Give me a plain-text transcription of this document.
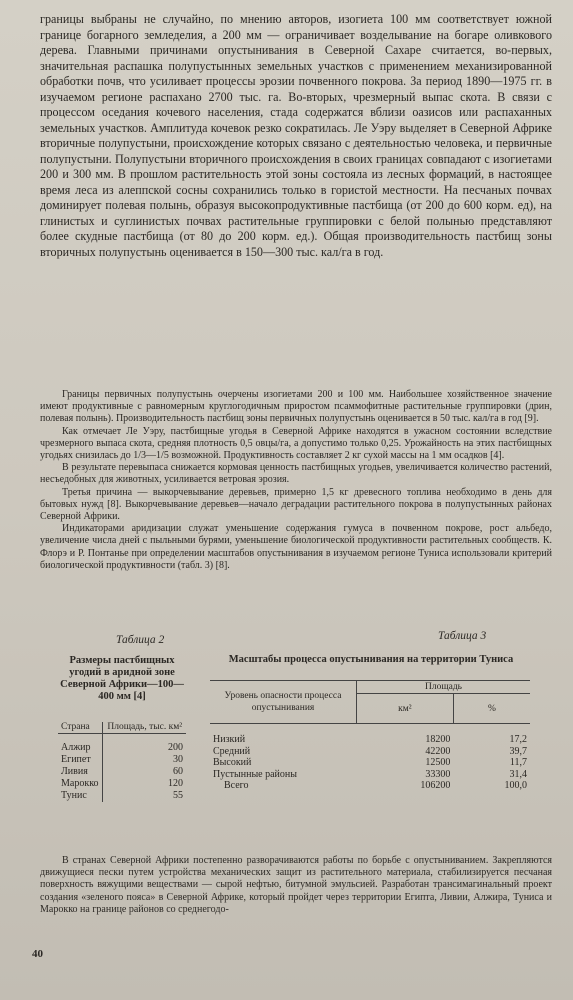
границы выбраны не случайно, по мнению авторов, изогиета 100 мм соответствует южной границе богарного земледелия, а 200 мм — ограничивает возделывание на богаре оливкового дерева. Главными причинами опустынивания в Северной Сахаре считается, во-первых, значительная распашка полупустынных земельных участков с применением механизированной обработки почв, что усиливает процессы эрозии почвенного покрова. За период 1890—1975 гг. в изучаемом регионе распахано 2700 тыс. га. Во-вторых, чрезмерный выпас скота. В связи с процессом оседания кочевого населения, стада содержатся вблизи оазисов или распаханных земельных участков. Амплитуда кочевок резко сократилась. Ле Уэру выделяет в Северной Африке вторичные полупустыни, происхождение которых связано с деятельностью человека, и первичные полупустыни. Полупустыни вторичного происхождения в своих границах совпадают с изогиетами 200 и 300 мм. В прошлом растительность этой зоны состояла из лесных формаций, в настоящее время леса из алеппской сосны сохранились только в гористой местности. На песчаных почвах доминирует полевая полынь, образуя высокопродуктивные пастбища (от 200 до 600 корм. ед), на глинистых и суглинистых почвах растительные группировки с белой полынью представляют более скудные пастбища (от 80 до 200 корм. ед.). Общая производительность пастбищ зоны вторичных полупустынь оценивается в 150—300 тыс. кал/га в год.

Границы первичных полупустынь очерчены изогиетами 200 и 100 мм. Наибольшее хозяйственное значение имеют продуктивные с равномерным круглогодичным приростом псаммофитные растительные группировки (дрин, полевая полынь). Производительность пастбищ зоны первичных полупустынь оценивается в 50 тыс. кал/га в год [9].

Как отмечает Ле Уэру, пастбищные угодья в Северной Африке находятся в ужасном состоянии вследствие чрезмерного выпаса скота, средняя плотность 0,5 овцы/га, а допустимо только 0,25. Урожайность на этих пастбищных угодьях снизилась до 1/3—1/5 возможной. Продуктивность составляет 2 кг сухой массы на 1 мм осадков [4].

В результате перевыпаса снижается кормовая ценность пастбищных угодьев, увеличивается количество растений, несъедобных для животных, усиливается ветровая эрозия.

Третья причина — выкорчевывание деревьев, примерно 1,5 кг древесного топлива необходимо в день для бытовых нужд [8]. Выкорчевывание деревьев—начало деградации растительного покрова в полупустынных районах Северной Африки.

Индикаторами аридизации служат уменьшение содержания гумуса в почвенном покрове, рост альбедо, увеличение числа дней с пыльными бурями, уменьшение биологической продуктивности растительных сообществ. К. Флорэ и Р. Понтанье при определении масштабов опустынивания в изучаемом регионе Туниса использовали критерий биологической продуктивности (табл. 3) [8].

Таблица 2
Размеры пастбищных угодий в аридной зоне Северной Африки—100—400 мм [4]
Страна	Площадь, тыс. км²

Алжир	200
Египет	30
Ливия	60
Марокко	120
Тунис	55
Таблица 3
Масштабы процесса опустынивания на территории Туниса
Уровень опасности процесса опустынивания	Площадь	
	км²	%

Низкий	18200	17,2
Средний	42200	39,7
Высокий	12500	11,7
Пустынные районы	33300	31,4
Всего	106200	100,0

В странах Северной Африки постепенно разворачиваются работы по борьбе с опустыниванием. Закрепляются движущиеся пески путем устройства механических защит из растительного материала, стабилизируется песчаная поверхность вяжущими веществами — сырой нефтью, битумной эмульсией. Разработан трансимагинальный проект создания «зеленого пояса» в Северной Африке, который пройдет через территории Египта, Ливии, Алжира, Туниса и Марокко на границе районов со среднегодо-

40
